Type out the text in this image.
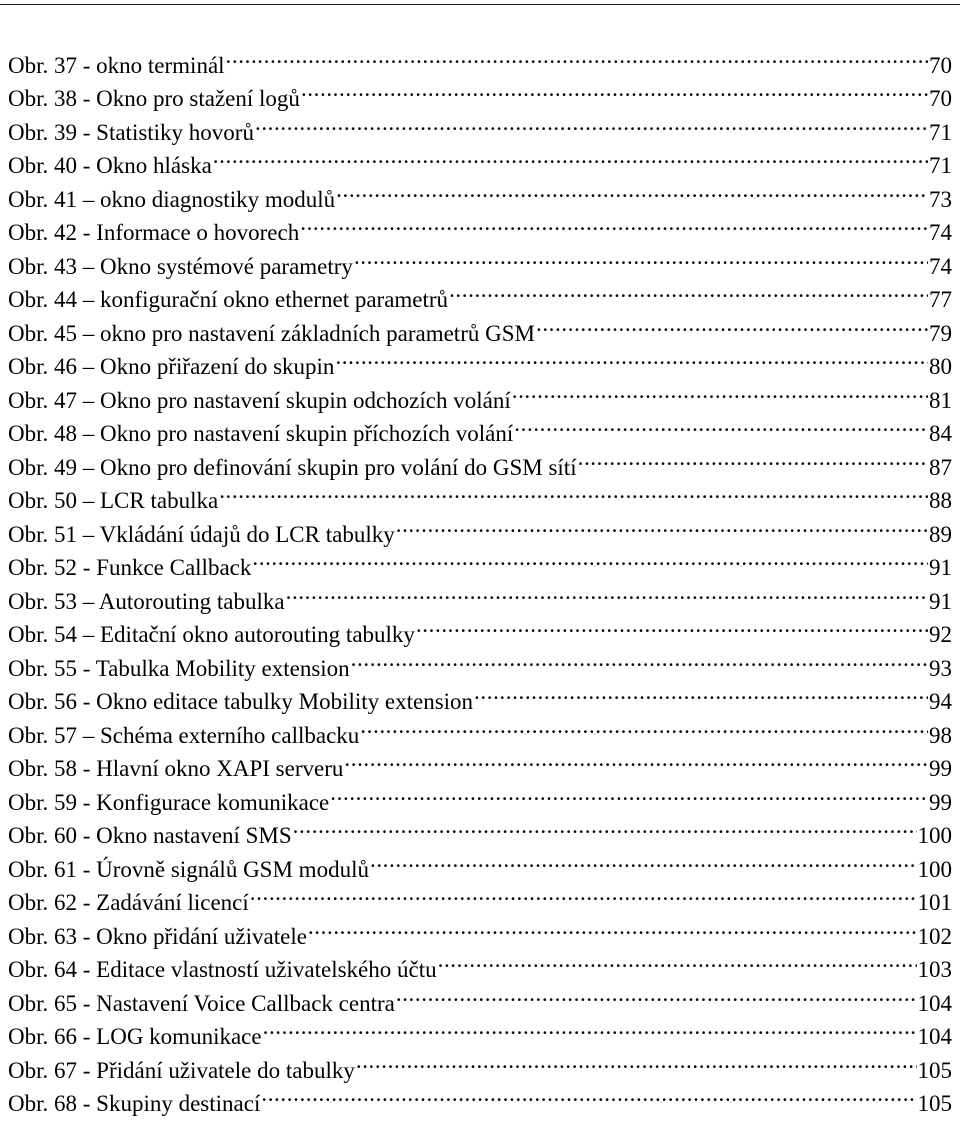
Obr. 37 - okno terminál .....	70
Obr. 38 - Okno pro stažení logů .....	70
Obr. 39 - Statistiky hovorů .....	71
Obr. 40 - Okno hláska .....	71
Obr. 41 – okno diagnostiky modulů .....	73
Obr. 42 - Informace o hovorech .....	74
Obr. 43 – Okno systémové parametry .....	74
Obr. 44 – konfigurační okno ethernet parametrů .....	77
Obr. 45 – okno pro nastavení základních parametrů GSM .....	79
Obr. 46 – Okno přiřazení do skupin .....	80
Obr. 47 – Okno pro nastavení skupin odchozích volání .....	81
Obr. 48 – Okno pro nastavení skupin příchozích volání .....	84
Obr. 49 – Okno pro definování skupin pro volání do GSM sítí .....	87
Obr. 50 – LCR tabulka .....	88
Obr. 51 – Vkládání údajů do LCR tabulky .....	89
Obr. 52 - Funkce Callback .....	91
Obr. 53 – Autorouting tabulka .....	91
Obr. 54 – Editační okno autorouting tabulky .....	92
Obr. 55 - Tabulka Mobility extension .....	93
Obr. 56 - Okno editace tabulky Mobility extension .....	94
Obr. 57 – Schéma externího callbacku .....	98
Obr. 58 - Hlavní okno XAPI serveru .....	99
Obr. 59 - Konfigurace komunikace .....	99
Obr. 60 - Okno nastavení SMS .....	100
Obr. 61 - Úrovně signálů GSM modulů .....	100
Obr. 62 - Zadávání licencí .....	101
Obr. 63 - Okno přidání uživatele .....	102
Obr. 64 - Editace vlastností uživatelského účtu .....	103
Obr. 65 - Nastavení Voice Callback centra .....	104
Obr. 66 - LOG komunikace .....	104
Obr. 67 - Přidání uživatele do tabulky .....	105
Obr. 68 - Skupiny destinací .....	105
